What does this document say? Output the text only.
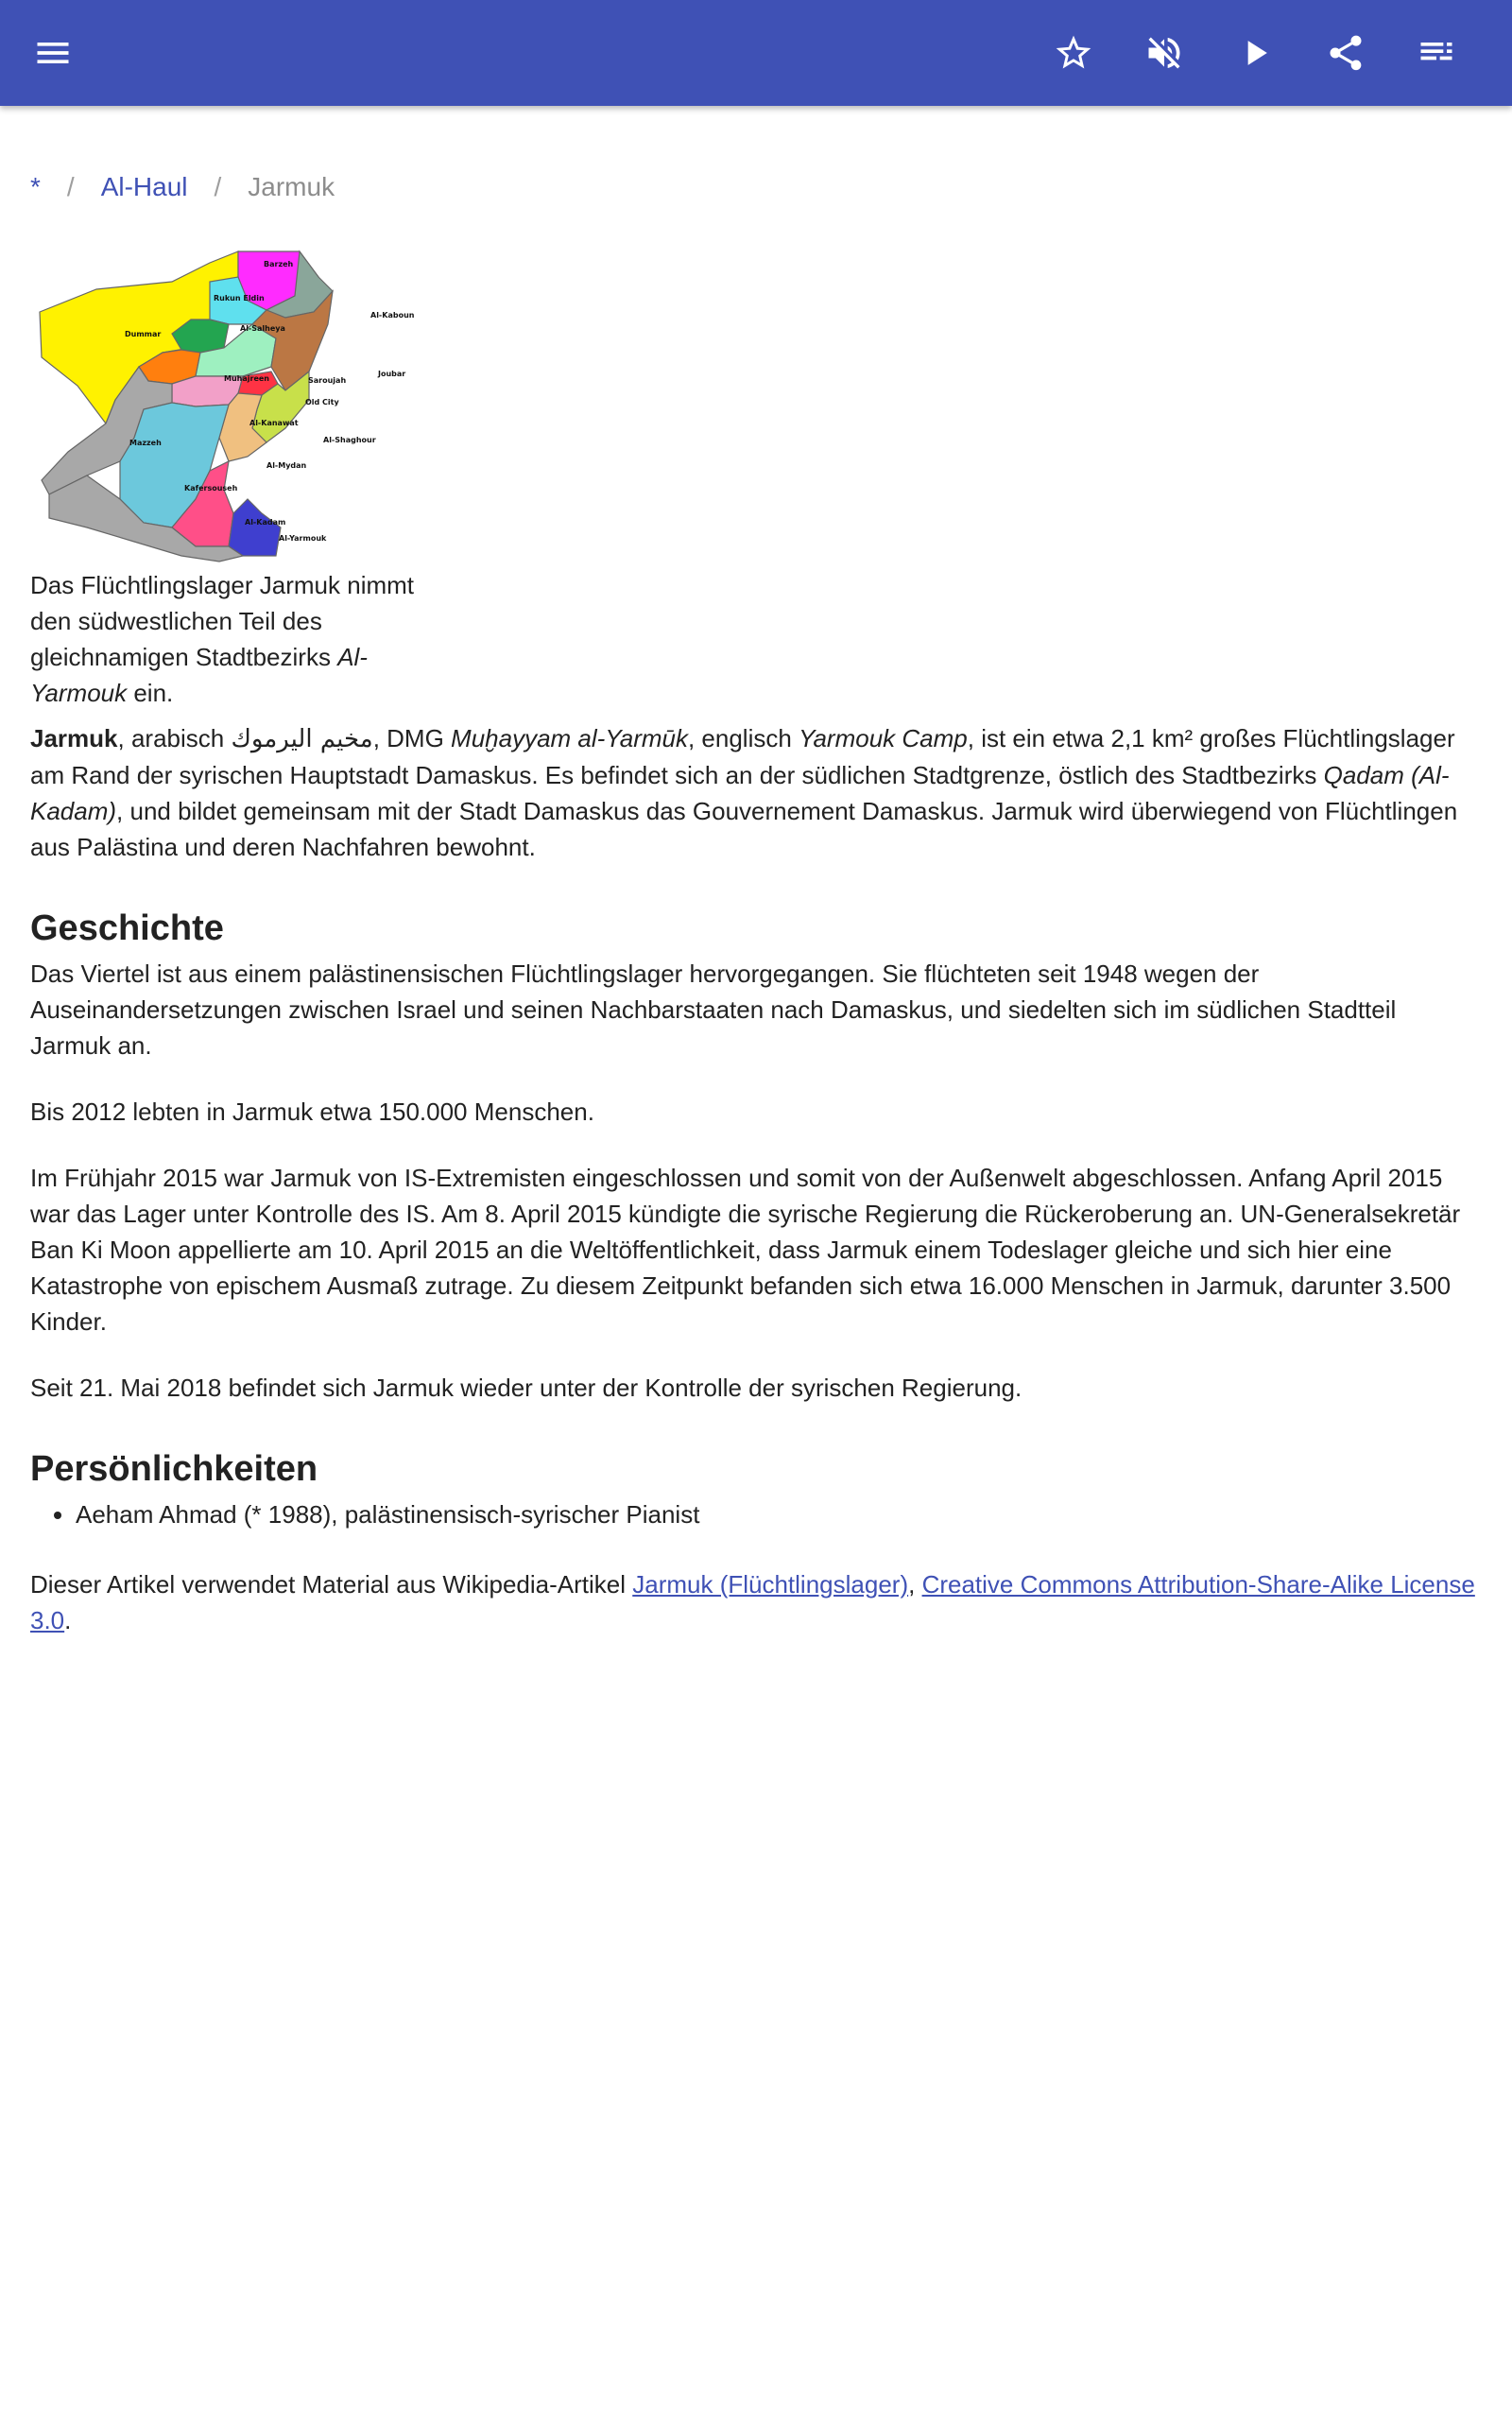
* / Al-Haul / Jarmuk
Barzeh
Rukun Eldin
Dummar
Al-Salheya
Al-Kaboun
Muhajreen	Saroujah
Joubar
Old City
Al-Kanawat
Mazzeh	Al-Shaghour
Al-Mydan
Kafersouseh
Al-Kadam
Al-Yarmouk
Das Flüchtlingslager Jarmuk nimmt den südwestlichen Teil des gleichnamigen Stadtbezirks Al-Yarmouk ein.

Jarmuk, arabisch مخيم اليرموك, DMG Muḫayyam al-Yarmūk, englisch Yarmouk Camp, ist ein etwa 2,1 km² großes Flüchtlingslager am Rand der syrischen Hauptstadt Damaskus. Es befindet sich an der südlichen Stadtgrenze, östlich des Stadtbezirks Qadam (Al-Kadam), und bildet gemeinsam mit der Stadt Damaskus das Gouvernement Damaskus. Jarmuk wird überwiegend von Flüchtlingen aus Palästina und deren Nachfahren bewohnt.

Geschichte

Das Viertel ist aus einem palästinensischen Flüchtlingslager hervorgegangen. Sie flüchteten seit 1948 wegen der Auseinandersetzungen zwischen Israel und seinen Nachbarstaaten nach Damaskus, und siedelten sich im südlichen Stadtteil Jarmuk an.

Bis 2012 lebten in Jarmuk etwa 150.000 Menschen.

Im Frühjahr 2015 war Jarmuk von IS-Extremisten eingeschlossen und somit von der Außenwelt abgeschlossen. Anfang April 2015 war das Lager unter Kontrolle des IS. Am 8. April 2015 kündigte die syrische Regierung die Rückeroberung an. UN-Generalsekretär Ban Ki Moon appellierte am 10. April 2015 an die Weltöffentlichkeit, dass Jarmuk einem Todeslager gleiche und sich hier eine Katastrophe von epischem Ausmaß zutrage. Zu diesem Zeitpunkt befanden sich etwa 16.000 Menschen in Jarmuk, darunter 3.500 Kinder.

Seit 21. Mai 2018 befindet sich Jarmuk wieder unter der Kontrolle der syrischen Regierung.

Persönlichkeiten
• Aeham Ahmad (* 1988), palästinensisch-syrischer Pianist

Dieser Artikel verwendet Material aus Wikipedia-Artikel Jarmuk (Flüchtlingslager), Creative Commons Attribution-Share-Alike License 3.0.
